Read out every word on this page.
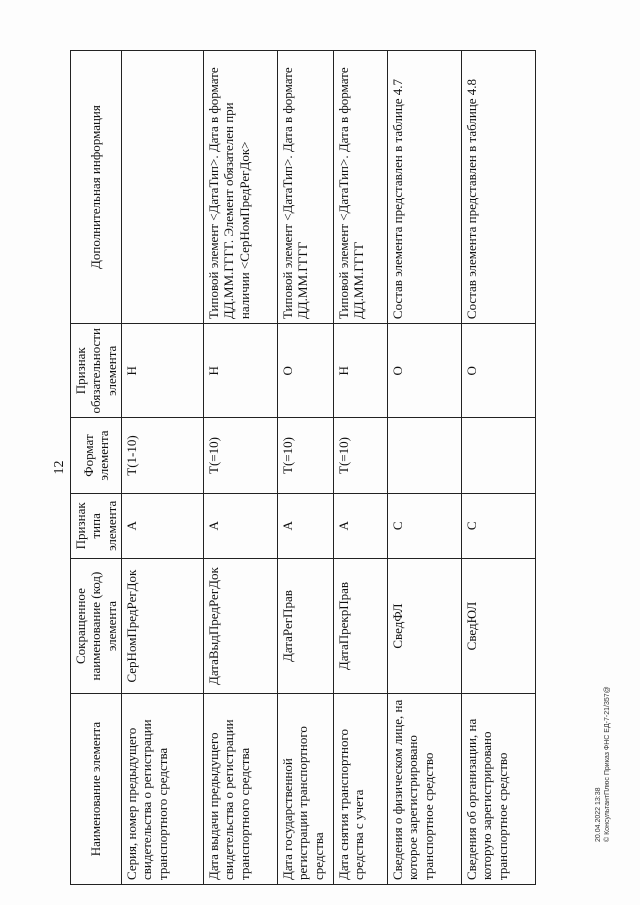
12
Наименование элемента	Сокращенное наименование (код) элемента	Признак типа элемента	Формат элемента	Признак обязательности элемента	Дополнительная информация
Серия, номер предыдущего свидетельства о регистрации транспортного средства	СерНомПредРегДок	А	Т(1-10)	Н	
Дата выдачи предыдущего свидетельства о регистрации транспортного средства	ДатаВыдПредРегДок	А	Т(=10)	Н	Типовой элемент <ДатаТип>. Дата в формате ДД.ММ.ГГГГ. Элемент обязателен при наличии <СерНомПредРегДок>
Дата государственной регистрации транспортного средства	ДатаРегПрав	А	Т(=10)	О	Типовой элемент <ДатаТип>. Дата в формате ДД.ММ.ГГГГ
Дата снятия транспортного средства с учета	ДатаПрекрПрав	А	Т(=10)	Н	Типовой элемент <ДатаТип>. Дата в формате ДД.ММ.ГГГГ
Сведения о физическом лице, на которое зарегистрировано транспортное средство	СведФЛ	С		О	Состав элемента представлен в таблице 4.7
Сведения об организации, на которую зарегистрировано транспортное средство	СведЮЛ	С		О	Состав элемента представлен в таблице 4.8
20.04.2022 13:38 © КонсультантПлюс Приказ ФНС ЕД-7-21/357@
